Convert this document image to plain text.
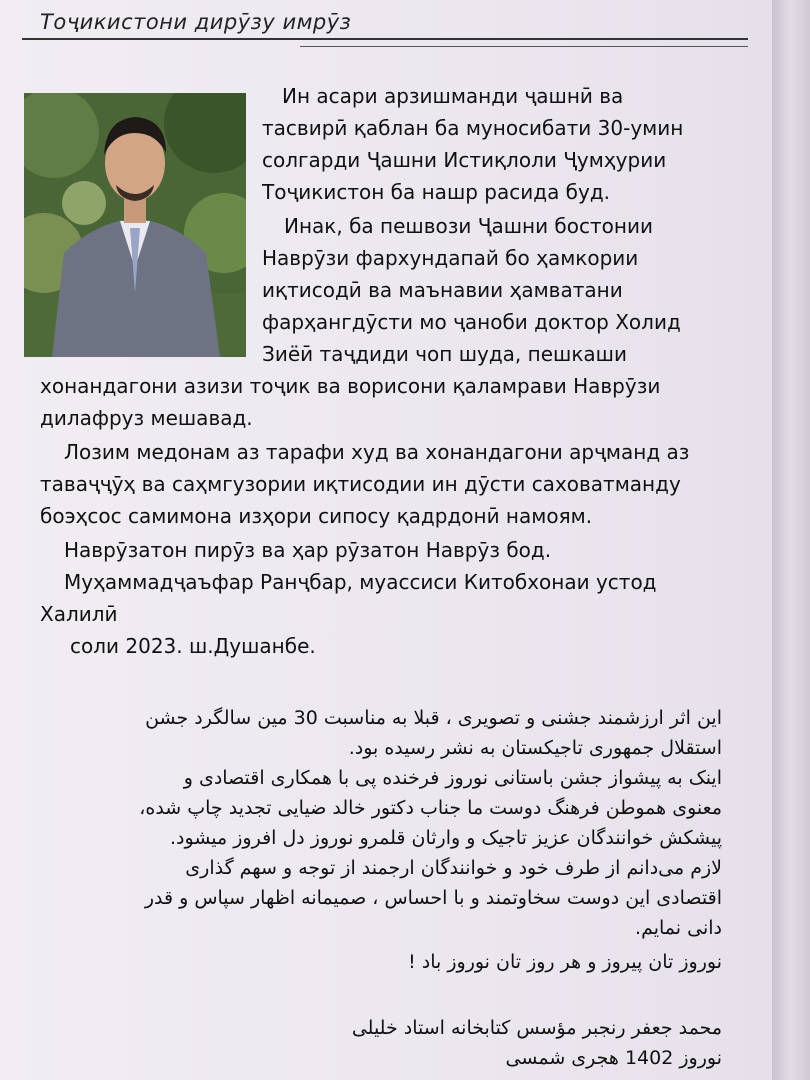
Тоҷикистони дирӯзу имрӯз
Ин асари арзишманди ҷашнӣ ва
тасвирӣ қаблан ба муносибати 30-умин
солгарди Ҷашни Истиқлоли Ҷумҳурии
Тоҷикистон ба нашр расида буд.
Инак, ба пешвози Ҷашни бостонии
Наврӯзи фархундапай бо ҳамкории
иқтисодӣ ва маънавии ҳамватани
фарҳангдӯсти мо ҷаноби доктор Холид
Зиёӣ таҷдиди чоп шуда, пешкаши
хонандагони азизи тоҷик ва ворисони қаламрави Наврӯзи
дилафруз мешавад.
Лозим медонам аз тарафи худ ва хонандагони арҷманд аз
таваҷҷӯҳ ва саҳмгузории иқтисодии ин дӯсти саховатманду
боэҳсос самимона изҳори сипосу қадрдонӣ намоям.
Наврӯзатон пирӯз ва ҳар рӯзатон Наврӯз бод.
Муҳаммадҷаъфар Ранҷбар, муассиси Китобхонаи устод
Халилӣ
соли 2023. ш.Душанбе.
این اثر ارزشمند جشنی و تصویری ، قبلا به مناسبت 30 مین سالگرد جشن
استقلال جمهوری تاجیکستان به نشر رسیده بود.
اینک به پیشواز جشن باستانی نوروز فرخنده پی با همکاری اقتصادی و
معنوی هموطن فرهنگ دوست ما جناب دکتور خالد ضیایی تجدید چاپ شده،
پیشکش خوانندگان عزیز تاجیک و وارثان قلمرو نوروز دل افروز میشود.
لازم می‌دانم از طرف خود و خوانندگان ارجمند از توجه و سهم گذاری
اقتصادی این دوست سخاوتمند و با احساس ، صمیمانه اظهار سپاس و قدر
دانی نمایم.
نوروز تان پیروز و هر روز تان نوروز باد !
محمد جعفر رنجبر مؤسس کتابخانه استاد خلیلی
نوروز 1402 هجری شمسی
